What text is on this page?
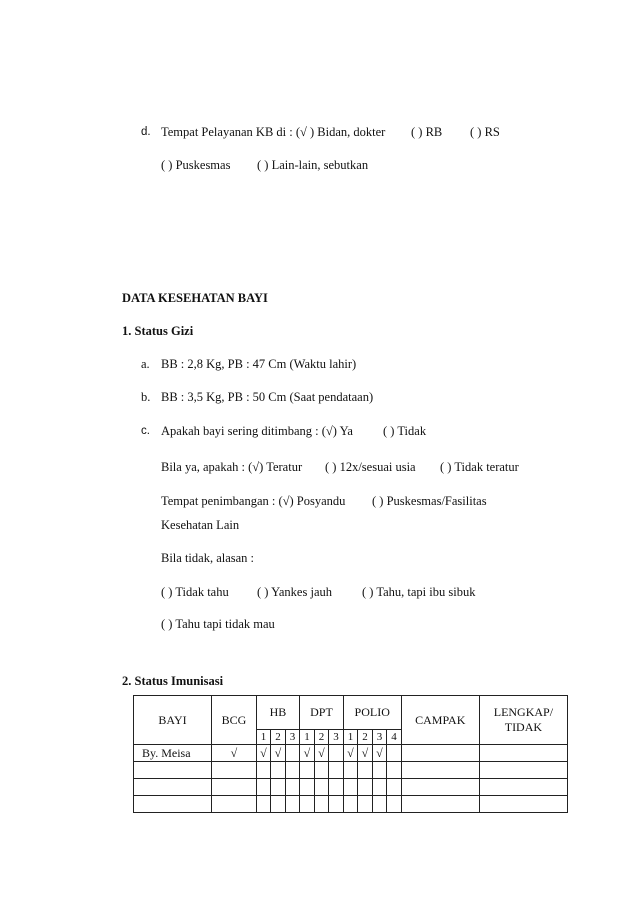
d. Tempat Pelayanan KB di : (√ ) Bidan, dokter ( ) RB ( ) RS
( ) Puskesmas ( ) Lain-lain, sebutkan
DATA KESEHATAN BAYI
1. Status Gizi
a. BB : 2,8 Kg, PB : 47 Cm (Waktu lahir)
b. BB : 3,5 Kg, PB : 50 Cm (Saat pendataan)
c. Apakah bayi sering ditimbang : (√) Ya ( ) Tidak
Bila ya, apakah : (√) Teratur ( ) 12x/sesuai usia ( ) Tidak teratur
Tempat penimbangan : (√) Posyandu ( ) Puskesmas/Fasilitas
Kesehatan Lain
Bila tidak, alasan :
( ) Tidak tahu ( ) Yankes jauh ( ) Tahu, tapi ibu sibuk
( ) Tahu tapi tidak mau
2. Status Imunisasi
BAYI	BCG	HB			DPT			POLIO				CAMPAK	LENGKAP/ TIDAK
		1	2	3	1	2	3	1	2	3	4		
By. Meisa	√	√	√		√	√		√	√	√			
